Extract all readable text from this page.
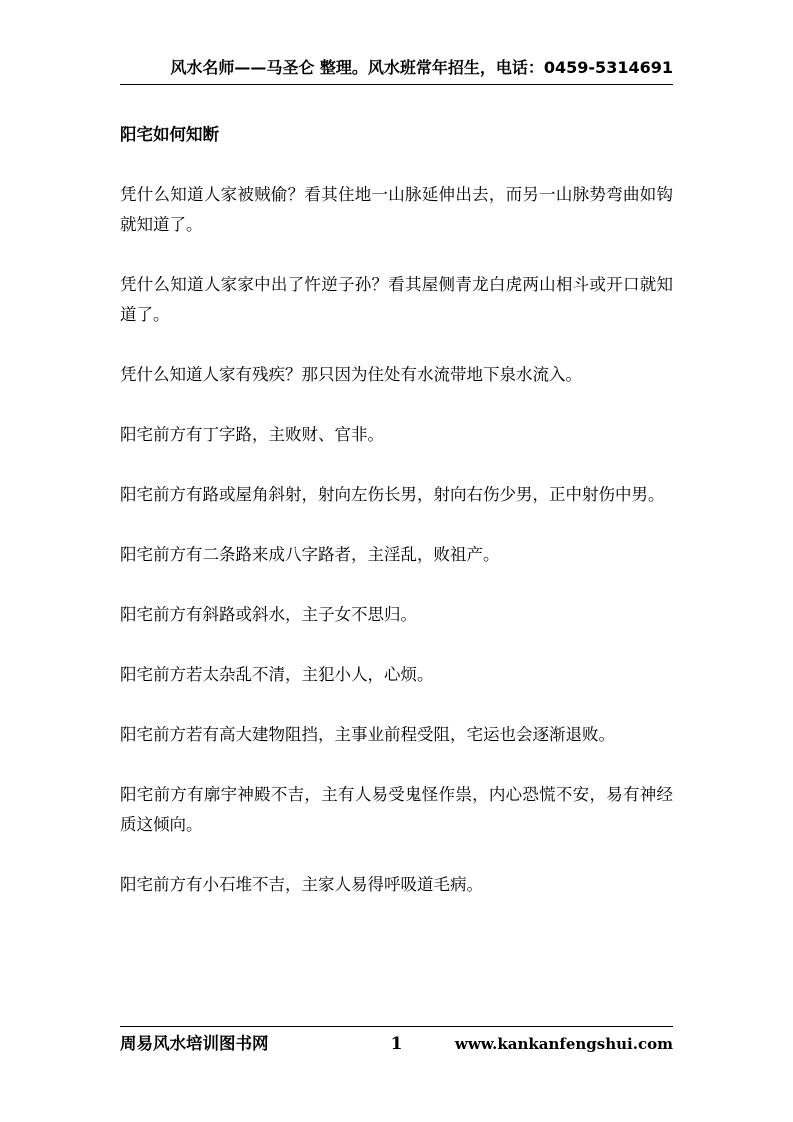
风水名师——马圣仑 整理。风水班常年招生，电话：0459-5314691
阳宅如何知断

凭什么知道人家被贼偷？看其住地一山脉延伸出去，而另一山脉势弯曲如钩就知道了。

凭什么知道人家家中出了忤逆子孙？看其屋侧青龙白虎两山相斗或开口就知道了。

凭什么知道人家有残疾？那只因为住处有水流带地下泉水流入。

阳宅前方有丁字路，主败财、官非。

阳宅前方有路或屋角斜射，射向左伤长男，射向右伤少男，正中射伤中男。

阳宅前方有二条路来成八字路者，主淫乱，败祖产。

阳宅前方有斜路或斜水，主子女不思归。

阳宅前方若太杂乱不清，主犯小人，心烦。

阳宅前方若有高大建物阻挡，主事业前程受阻，宅运也会逐渐退败。

阳宅前方有廓宇神殿不吉，主有人易受鬼怪作祟，内心恐慌不安，易有神经质这倾向。

阳宅前方有小石堆不吉，主家人易得呼吸道毛病。

周易风水培训图书网	1	www.kankanfengshui.com
